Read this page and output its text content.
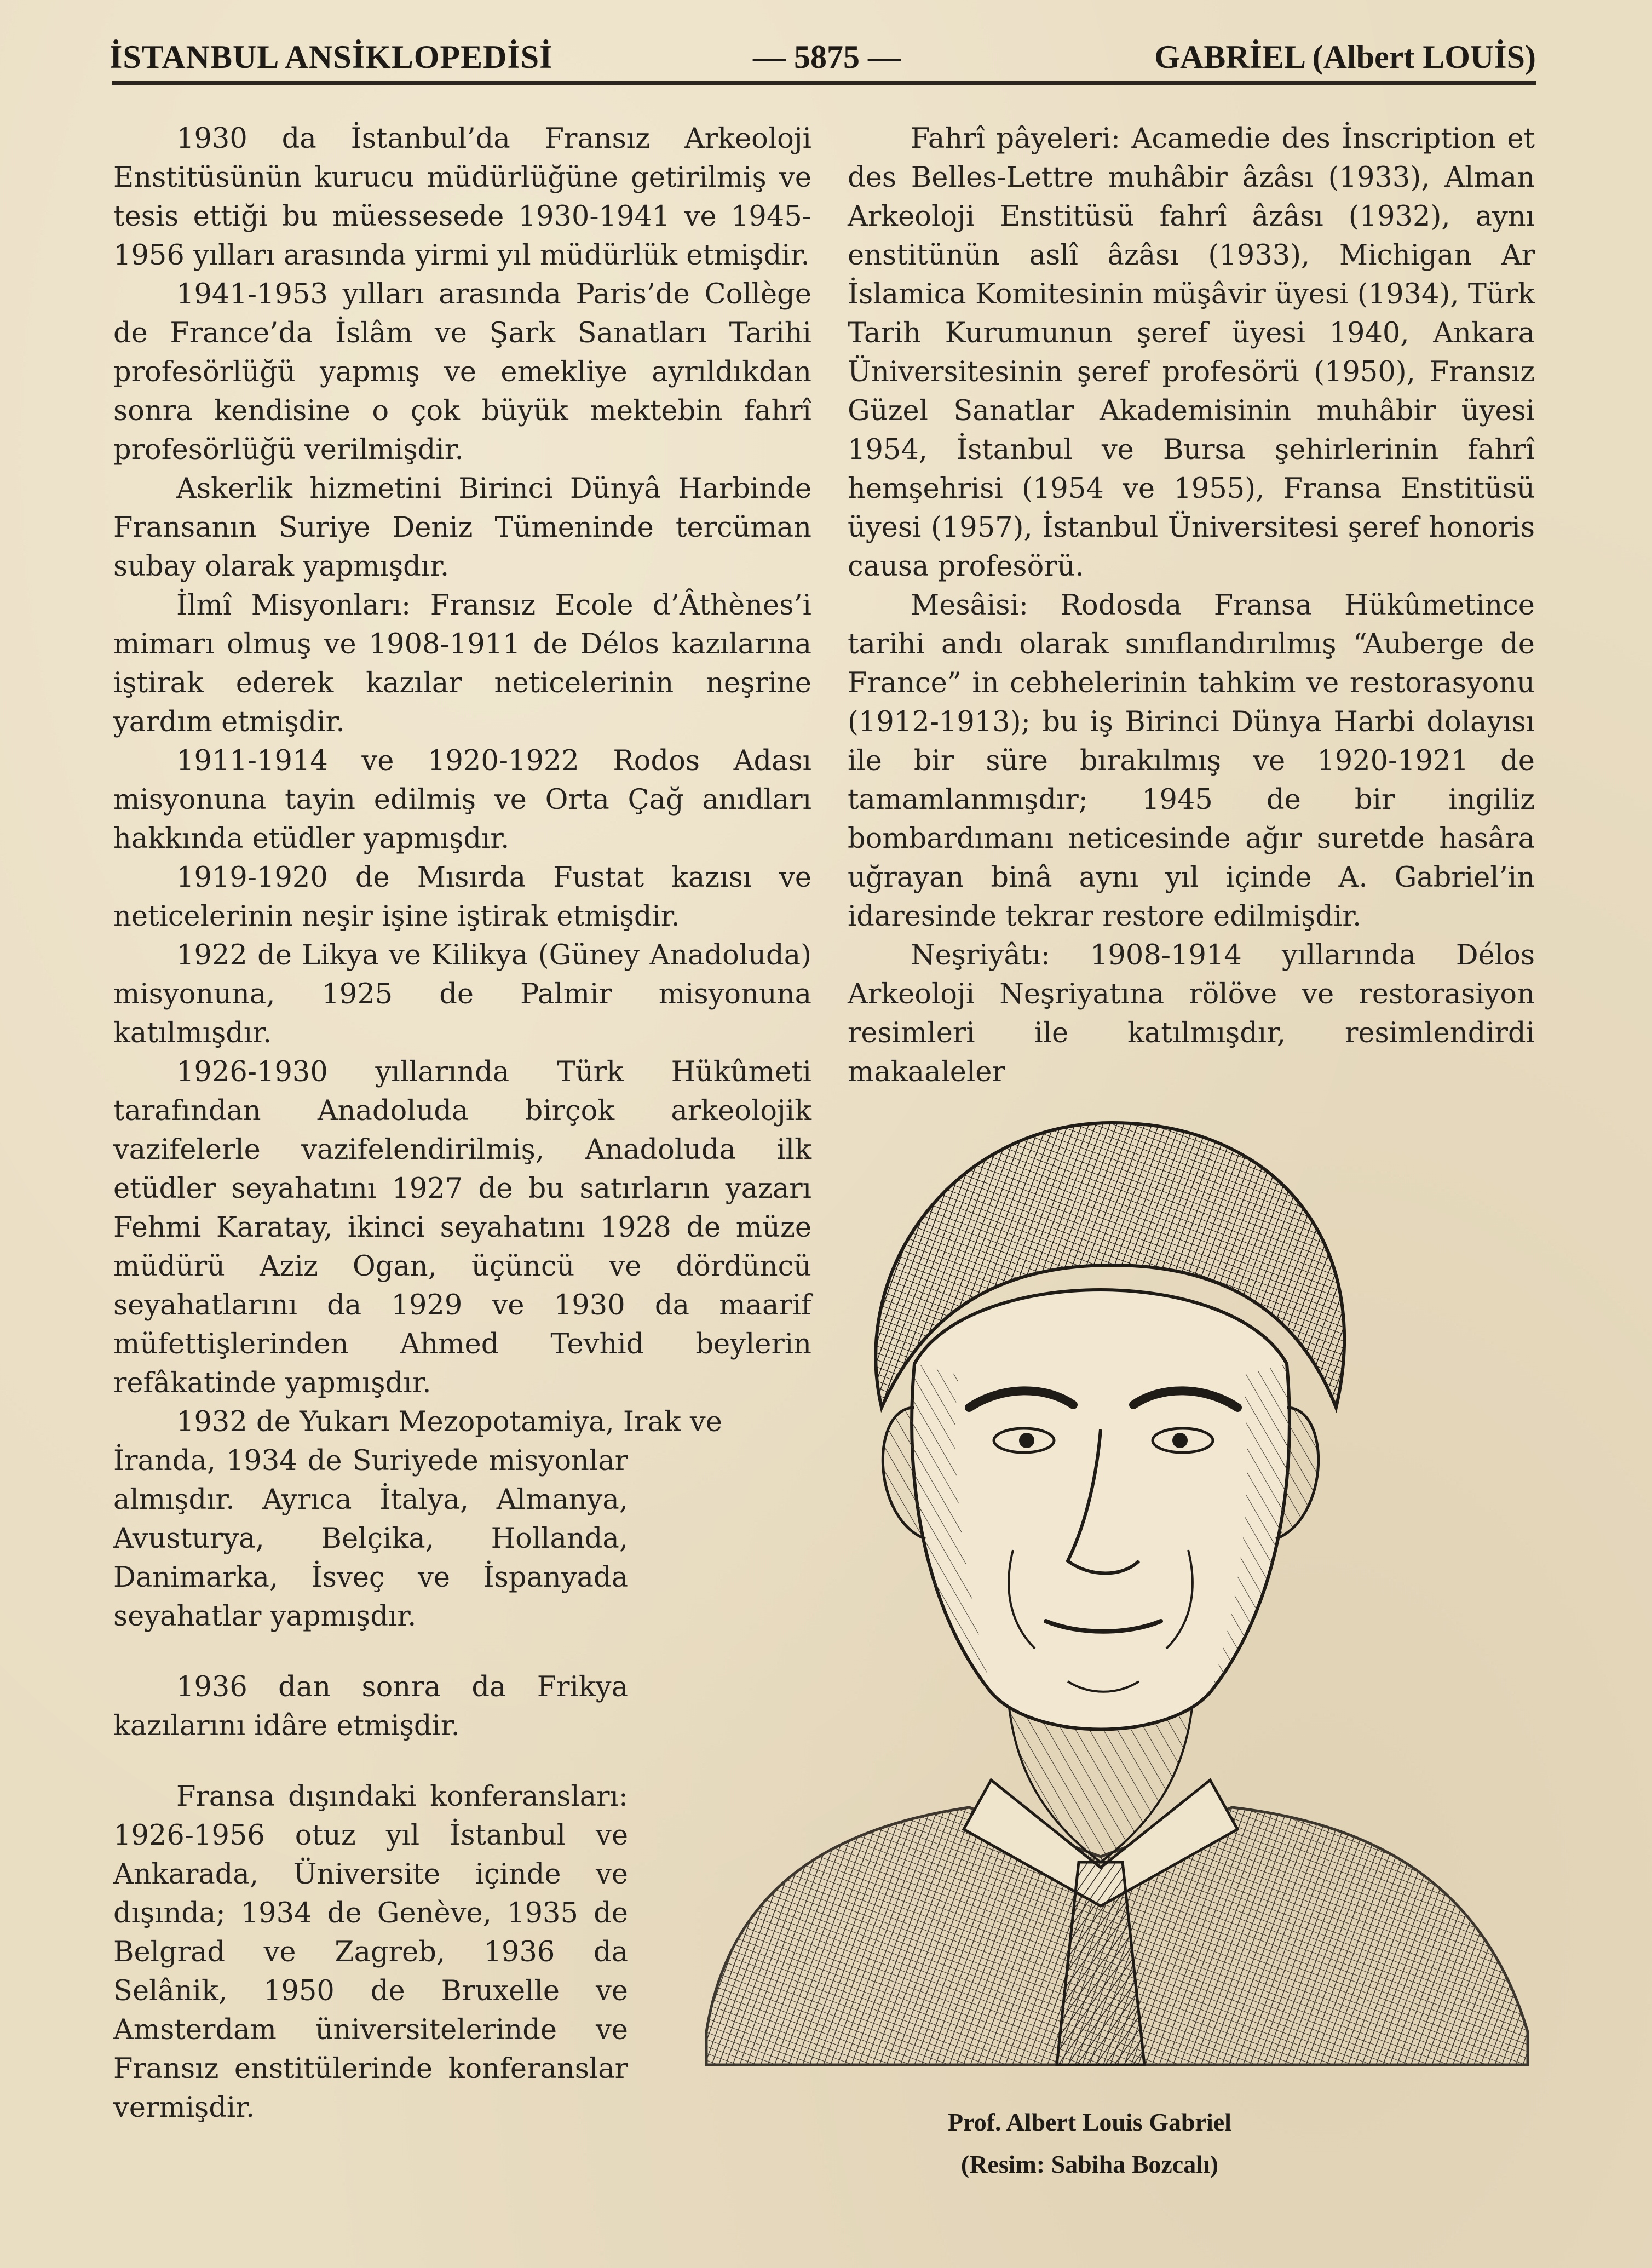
İSTANBUL ANSİKLOPEDİSİ	— 5875 —	GABRİEL (Albert LOUİS)

1930 da İstanbul’da Fransız Arkeoloji Enstitüsünün kurucu müdürlüğüne getirilmiş ve tesis ettiği bu müessesede 1930-1941 ve 1945-1956 yılları arasında yirmi yıl müdürlük etmişdir.

1941-1953 yılları arasında Paris’de Collège de France’da İslâm ve Şark Sanatları Tarihi profesörlüğü yapmış ve emekliye ayrıldıkdan sonra kendisine o çok büyük mektebin fahrî profesörlüğü verilmişdir.

Askerlik hizmetini Birinci Dünyâ Harbinde Fransanın Suriye Deniz Tümeninde tercüman subay olarak yapmışdır.

İlmî Misyonları: Fransız Ecole d’Âthènes’i mimarı olmuş ve 1908-1911 de Délos kazılarına iştirak ederek kazılar neticelerinin neşrine yardım etmişdir.

1911-1914 ve 1920-1922 Rodos Adası misyonuna tayin edilmiş ve Orta Çağ anıdları hakkında etüdler yapmışdır.

1919-1920 de Mısırda Fustat kazısı ve neticelerinin neşir işine iştirak etmişdir.

1922 de Likya ve Kilikya (Güney Anadoluda) misyonuna, 1925 de Palmir misyonuna katılmışdır.

1926-1930 yıllarında Türk Hükûmeti tarafından Anadoluda birçok arkeolojik vazifelerle vazifelendirilmiş, Anadoluda ilk etüdler seyahatını 1927 de bu satırların yazarı Fehmi Karatay, ikinci seyahatını 1928 de müze müdürü Aziz Ogan, üçüncü ve dördüncü seyahatlarını da 1929 ve 1930 da maarif müfettişlerinden Ahmed Tevhid beylerin refâkatinde yapmışdır.

1932 de Yukarı Mezopotamiya, Irak ve

İranda, 1934 de Suriyede misyonlar almışdır. Ayrıca İtalya, Almanya, Avusturya, Belçika, Hollanda, Danimarka, İsveç ve İspanyada seyahatlar yapmışdır.

1936 dan sonra da Frikya kazılarını idâre etmişdir.

Fransa dışındaki konferansları: 1926-1956 otuz yıl İstanbul ve Ankarada, Üniversite içinde ve dışında; 1934 de Genève, 1935 de Belgrad ve Zagreb, 1936 da Selânik, 1950 de Bruxelle ve Amsterdam üniversitelerinde ve Fransız enstitülerinde konferanslar vermişdir.

Fahrî pâyeleri: Acamedie des İnscription et des Belles-Lettre muhâbir âzâsı (1933), Alman Arkeoloji Enstitüsü fahrî âzâsı (1932), aynı enstitünün aslî âzâsı (1933), Michigan Ar İslamica Komitesinin müşâvir üyesi (1934), Türk Tarih Kurumunun şeref üyesi 1940, Ankara Üniversitesinin şeref profesörü (1950), Fransız Güzel Sanatlar Akademisinin muhâbir üyesi 1954, İstanbul ve Bursa şehirlerinin fahrî hemşehrisi (1954 ve 1955), Fransa Enstitüsü üyesi (1957), İstanbul Üniversitesi şeref honoris causa profesörü.

Mesâisi: Rodosda Fransa Hükûmetince tarihi andı olarak sınıflandırılmış “Auberge de France” in cebhelerinin tahkim ve restorasyonu (1912-1913); bu iş Birinci Dünya Harbi dolayısı ile bir süre bırakılmış ve 1920-1921 de tamamlanmışdır; 1945 de bir ingiliz bombardımanı neticesinde ağır suretde hasâra uğrayan binâ aynı yıl içinde A. Gabriel’in idaresinde tekrar restore edilmişdir.

Neşriyâtı: 1908-1914 yıllarında Délos Arkeoloji Neşriyatına rölöve ve restorasiyon resimleri ile katılmışdır, resimlendirdi makaaleler

Prof. Albert Louis Gabriel
(Resim: Sabiha Bozcalı)
